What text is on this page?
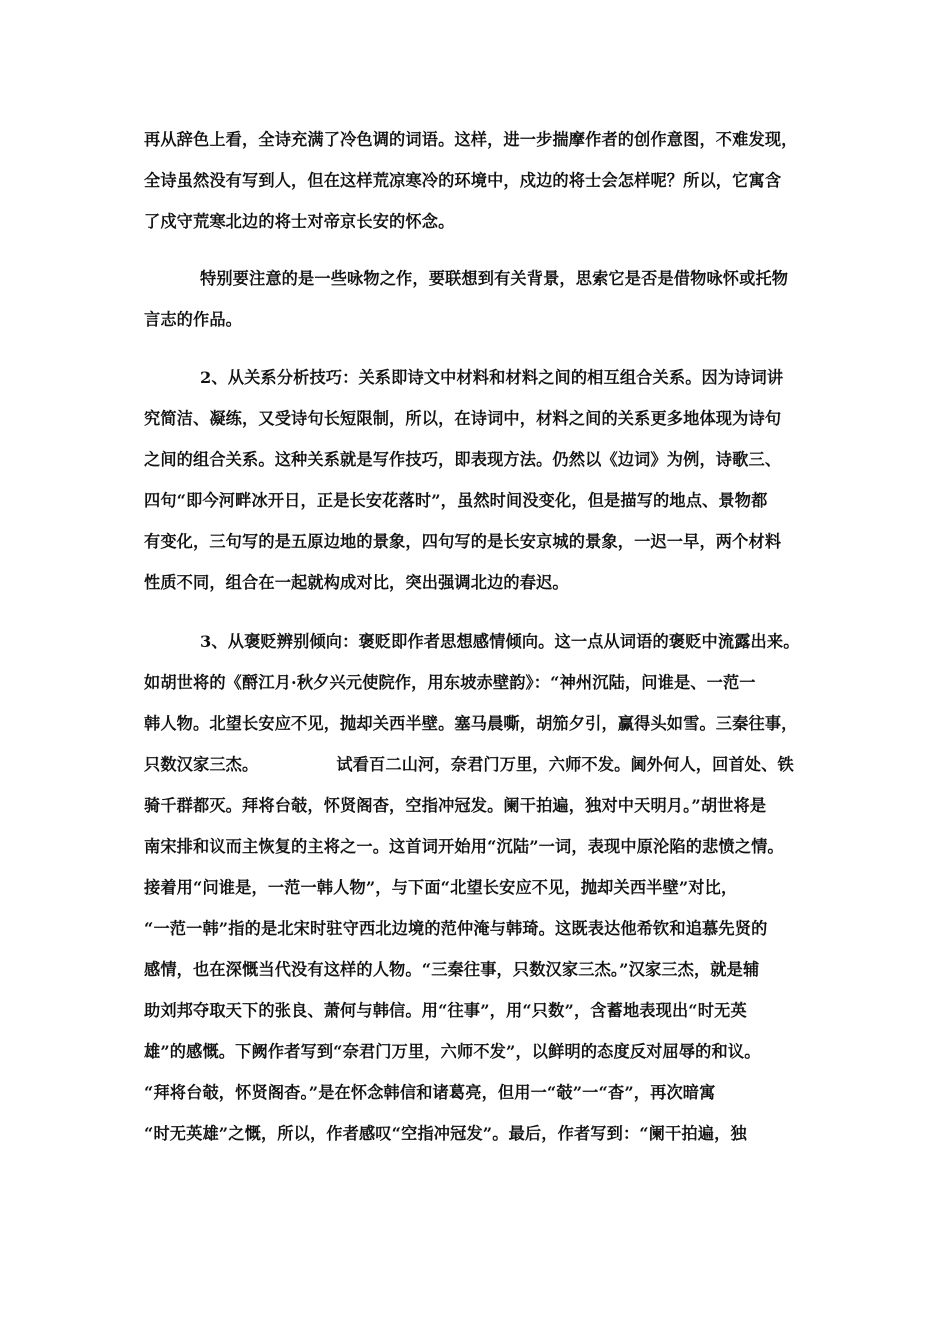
再从辞色上看，全诗充满了冷色调的词语。这样，进一步揣摩作者的创作意图，不难发现，
全诗虽然没有写到人，但在这样荒凉寒冷的环境中，戍边的将士会怎样呢？所以，它寓含
了戍守荒寒北边的将士对帝京长安的怀念。
特别要注意的是一些咏物之作，要联想到有关背景，思索它是否是借物咏怀或托物
言志的作品。
2、从关系分析技巧：关系即诗文中材料和材料之间的相互组合关系。因为诗词讲
究简洁、凝练，又受诗句长短限制，所以，在诗词中，材料之间的关系更多地体现为诗句
之间的组合关系。这种关系就是写作技巧，即表现方法。仍然以《边词》为例，诗歌三、
四句“即今河畔冰开日，正是长安花落时”，虽然时间没变化，但是描写的地点、景物都
有变化，三句写的是五原边地的景象，四句写的是长安京城的景象，一迟一早，两个材料
性质不同，组合在一起就构成对比，突出强调北边的春迟。
3、从褒贬辨别倾向：褒贬即作者思想感情倾向。这一点从词语的褒贬中流露出来。
如胡世将的《酹江月·秋夕兴元使院作，用东坡赤壁韵》：“神州沉陆，问谁是、一范一
韩人物。北望长安应不见，抛却关西半壁。塞马晨嘶，胡笳夕引，赢得头如雪。三秦往事，
只数汉家三杰。	试看百二山河，奈君门万里，六师不发。阃外何人，回首处、铁
骑千群都灭。拜将台攲，怀贤阁杳，空指冲冠发。阑干拍遍，独对中天明月。”胡世将是
南宋排和议而主恢复的主将之一。这首词开始用“沉陆”一词，表现中原沦陷的悲愤之情。
接着用“问谁是，一范一韩人物”，与下面“北望长安应不见，抛却关西半壁”对比，
“一范一韩”指的是北宋时驻守西北边境的范仲淹与韩琦。这既表达他希钦和追慕先贤的
感情，也在深慨当代没有这样的人物。“三秦往事，只数汉家三杰。”汉家三杰，就是辅
助刘邦夺取天下的张良、萧何与韩信。用“往事”，用“只数”，含蓄地表现出“时无英
雄”的感慨。下阙作者写到“奈君门万里，六师不发”，以鲜明的态度反对屈辱的和议。
“拜将台攲，怀贤阁杳。”是在怀念韩信和诸葛亮，但用一“攲”一“杳”，再次暗寓
“时无英雄”之慨，所以，作者感叹“空指冲冠发”。最后，作者写到：“阑干拍遍，独
